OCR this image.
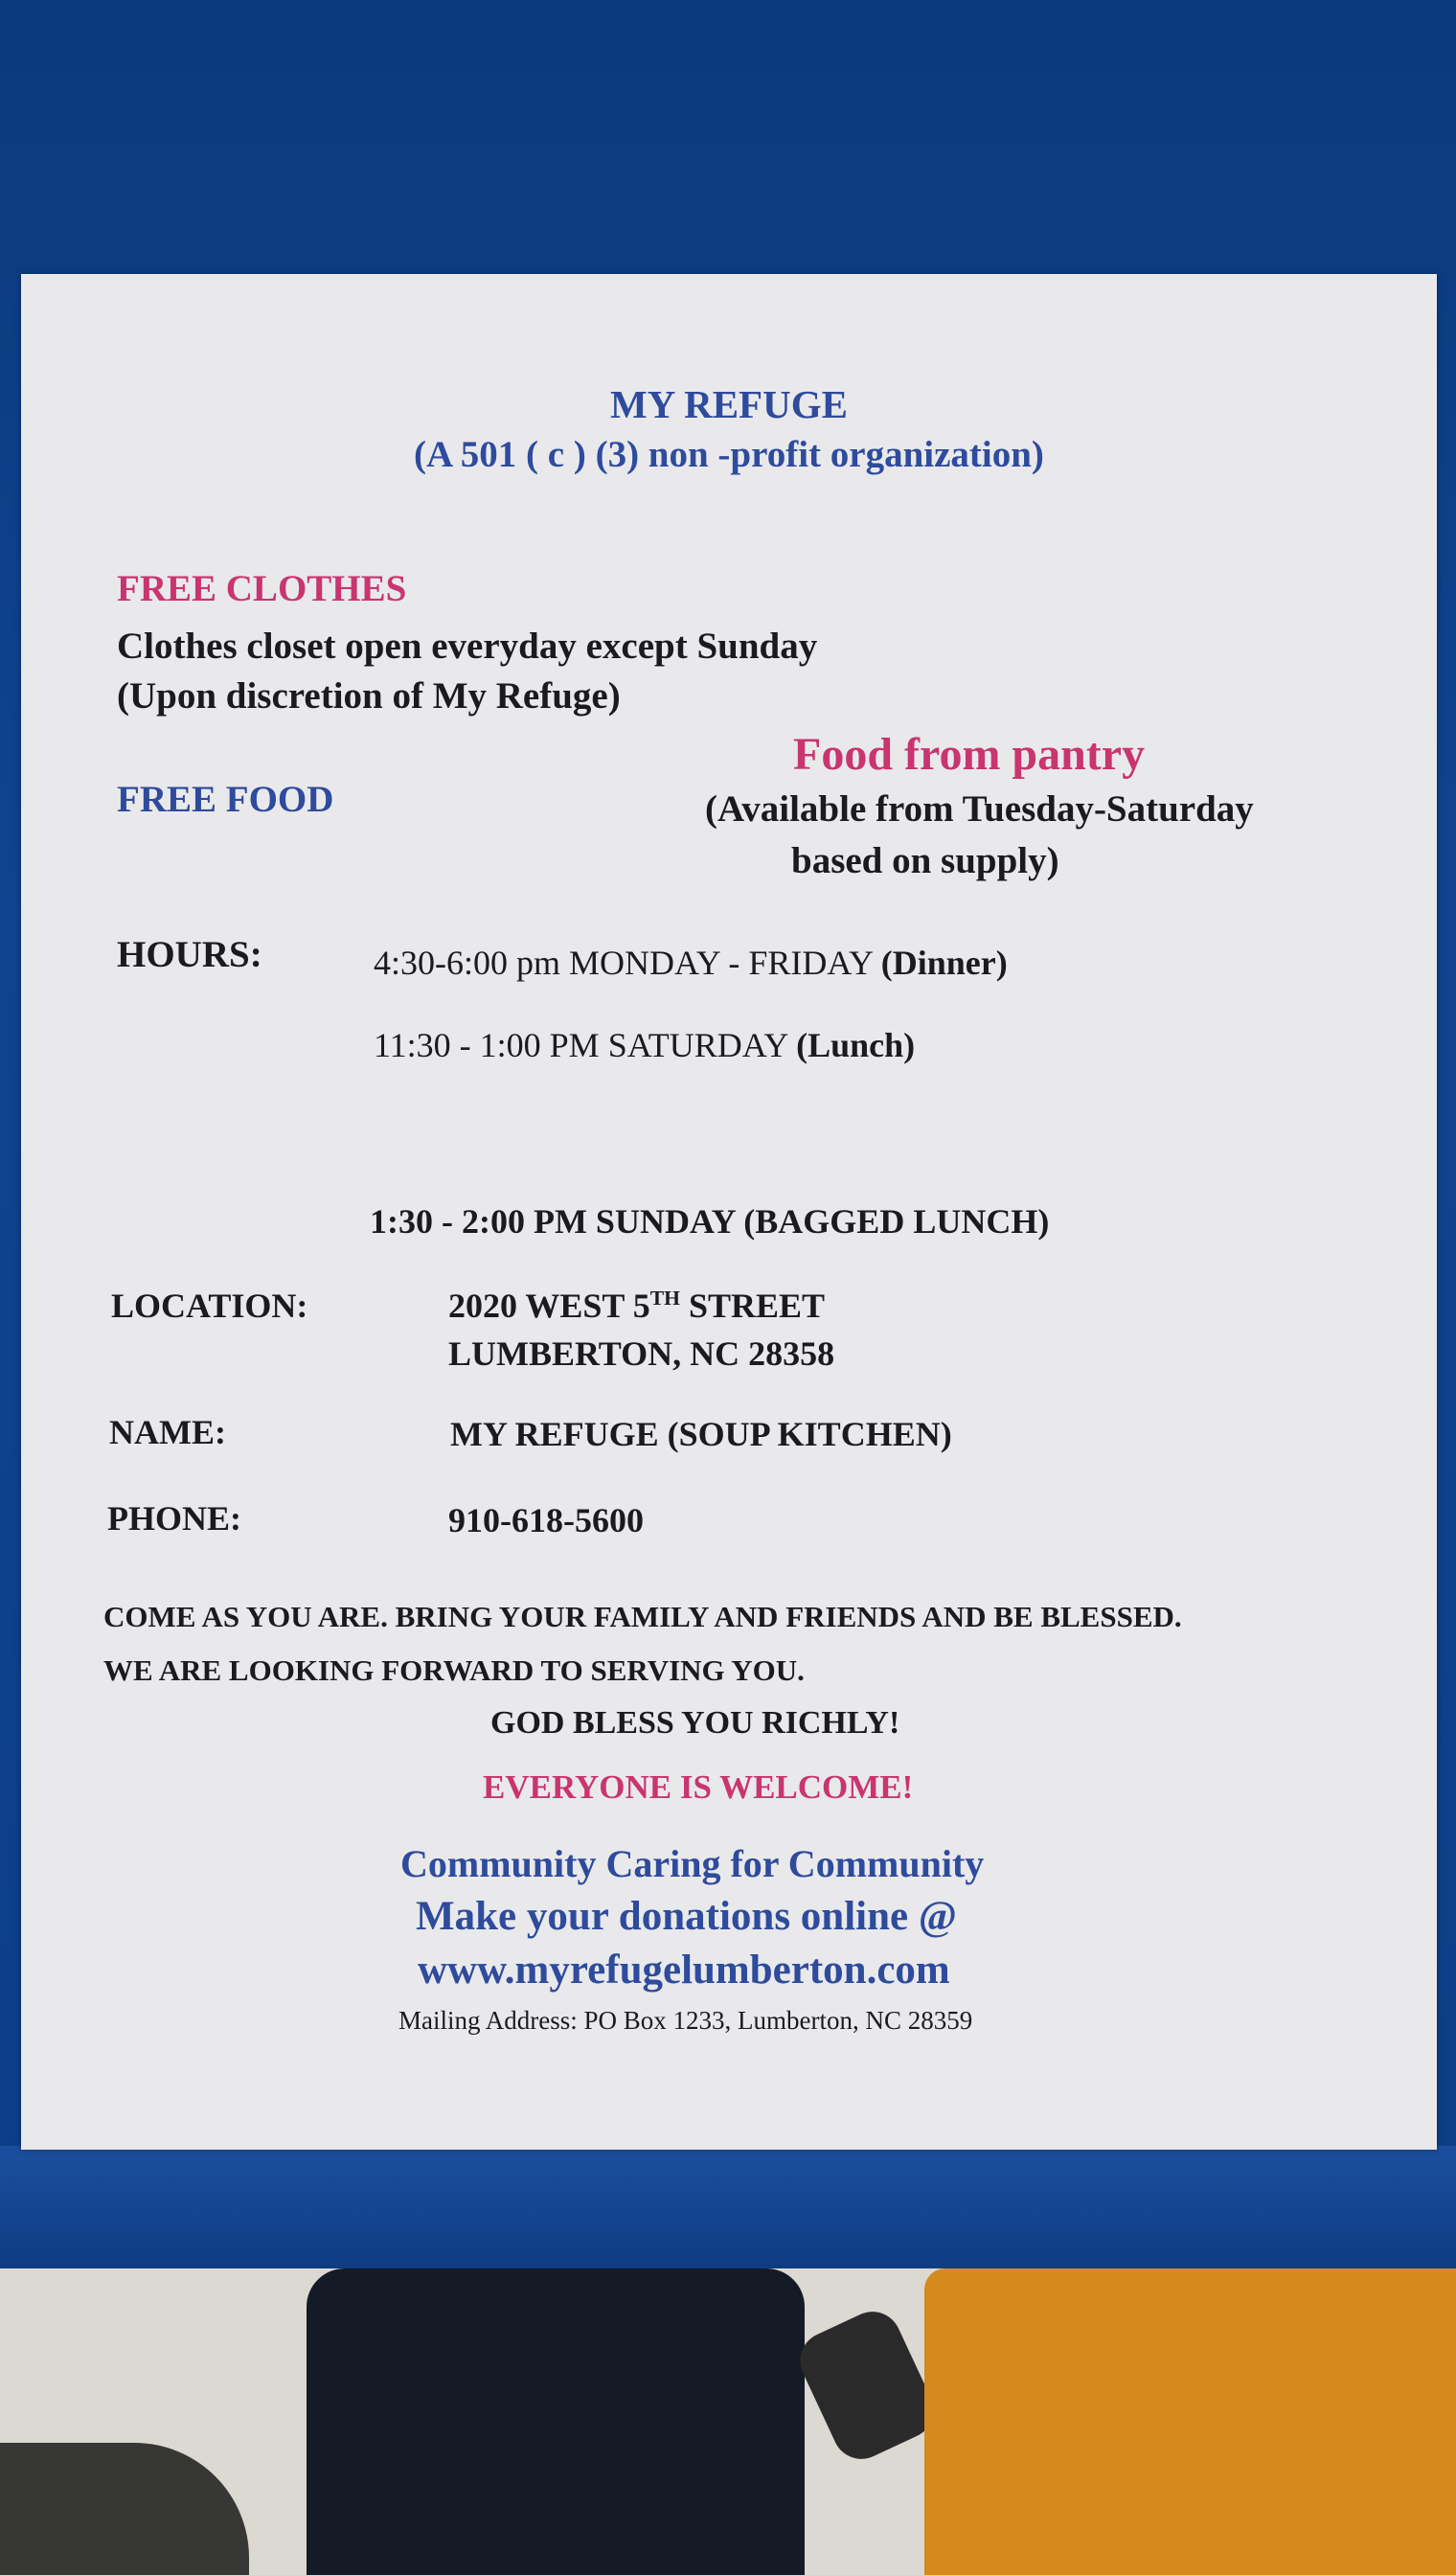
MY REFUGE
(A 501 ( c ) (3) non -profit organization)
FREE CLOTHES
Clothes closet open everyday except Sunday
(Upon discretion of My Refuge)
FREE FOOD
Food from pantry
(Available from Tuesday-Saturday
based on supply)
HOURS:	4:30-6:00 pm MONDAY - FRIDAY (Dinner)
11:30 - 1:00 PM SATURDAY (Lunch)
1:30 - 2:00 PM SUNDAY (BAGGED LUNCH)
LOCATION:	2020 WEST 5TH STREET
LUMBERTON, NC 28358
NAME:	MY REFUGE (SOUP KITCHEN)
PHONE:	910-618-5600
COME AS YOU ARE. BRING YOUR FAMILY AND FRIENDS AND BE BLESSED.
WE ARE LOOKING FORWARD TO SERVING YOU.
GOD BLESS YOU RICHLY!
EVERYONE IS WELCOME!
Community Caring for Community
Make your donations online @
www.myrefugelumberton.com
Mailing Address: PO Box 1233, Lumberton, NC 28359
